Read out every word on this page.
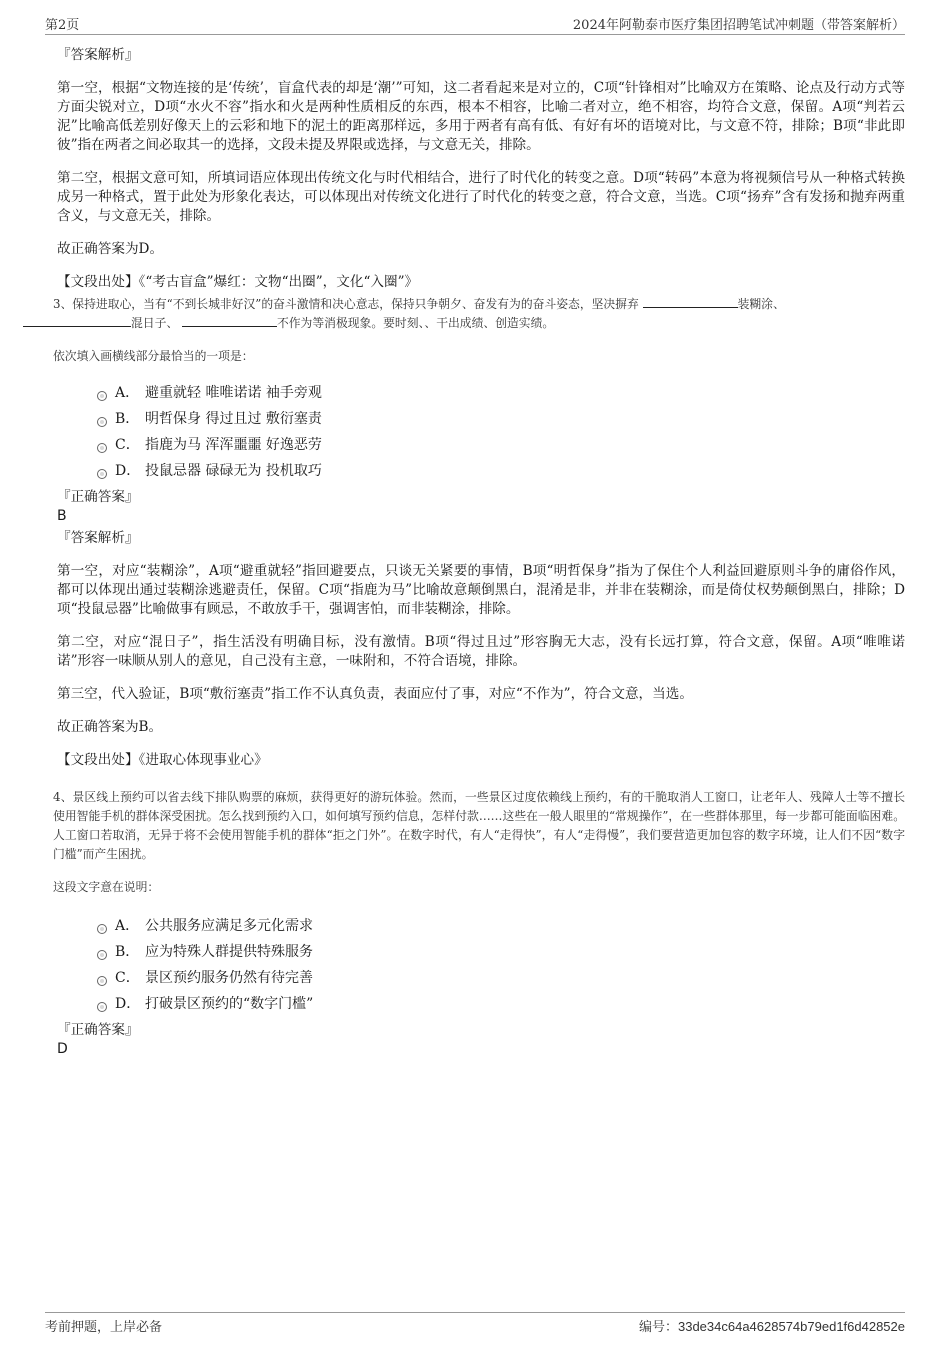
第2页	2024年阿勒泰市医疗集团招聘笔试冲刺题（带答案解析）

『答案解析』

第一空，根据“文物连接的是‘传统’，盲盒代表的却是‘潮’”可知，这二者看起来是对立的，C项“针锋相对”比喻双方在策略、论点及行动方式等方面尖锐对立，D项“水火不容”指水和火是两种性质相反的东西，根本不相容，比喻二者对立，绝不相容，均符合文意，保留。A项“判若云泥”比喻高低差别好像天上的云彩和地下的泥土的距离那样远，多用于两者有高有低、有好有坏的语境对比，与文意不符，排除；B项“非此即彼”指在两者之间必取其一的选择，文段未提及界限或选择，与文意无关，排除。

第二空，根据文意可知，所填词语应体现出传统文化与时代相结合，进行了时代化的转变之意。D项“转码”本意为将视频信号从一种格式转换成另一种格式，置于此处为形象化表达，可以体现出对传统文化进行了时代化的转变之意，符合文意，当选。C项“扬弃”含有发扬和抛弃两重含义，与文意无关，排除。

故正确答案为D。

【文段出处】《“考古盲盒”爆红：文物“出圈”，文化“入圈”》

3、保持进取心，当有“不到长城非好汉”的奋斗激情和决心意志，保持只争朝夕、奋发有为的奋斗姿态，坚决摒弃	装糊涂、
混日子、	不作为等消极现象。要时刻、、干出成绩、创造实绩。

依次填入画横线部分最恰当的一项是：

A． 避重就轻 唯唯诺诺 袖手旁观
B． 明哲保身 得过且过 敷衍塞责
C． 指鹿为马 浑浑噩噩 好逸恶劳
D． 投鼠忌器 碌碌无为 投机取巧

『正确答案』

B

『答案解析』

第一空，对应“装糊涂”，A项“避重就轻”指回避要点，只谈无关紧要的事情，B项“明哲保身”指为了保住个人利益回避原则斗争的庸俗作风，都可以体现出通过装糊涂逃避责任，保留。C项“指鹿为马”比喻故意颠倒黑白，混淆是非，并非在装糊涂，而是倚仗权势颠倒黑白，排除；D项“投鼠忌器”比喻做事有顾忌，不敢放手干，强调害怕，而非装糊涂，排除。

第二空，对应“混日子”，指生活没有明确目标，没有激情。B项“得过且过”形容胸无大志，没有长远打算，符合文意，保留。A项“唯唯诺诺”形容一味顺从别人的意见，自己没有主意，一味附和，不符合语境，排除。

第三空，代入验证，B项“敷衍塞责”指工作不认真负责，表面应付了事，对应“不作为”，符合文意，当选。

故正确答案为B。

【文段出处】《进取心体现事业心》

4、景区线上预约可以省去线下排队购票的麻烦，获得更好的游玩体验。然而，一些景区过度依赖线上预约，有的干脆取消人工窗口，让老年人、残障人士等不擅长使用智能手机的群体深受困扰。怎么找到预约入口，如何填写预约信息，怎样付款……这些在一般人眼里的“常规操作”，在一些群体那里，每一步都可能面临困难。人工窗口若取消，无异于将不会使用智能手机的群体“拒之门外”。在数字时代，有人“走得快”，有人“走得慢”，我们要营造更加包容的数字环境，让人们不因“数字门槛”而产生困扰。

这段文字意在说明：

A． 公共服务应满足多元化需求
B． 应为特殊人群提供特殊服务
C． 景区预约服务仍然有待完善
D． 打破景区预约的“数字门槛”

『正确答案』

D

考前押题，上岸必备	编号：33de34c64a4628574b79ed1f6d42852e
